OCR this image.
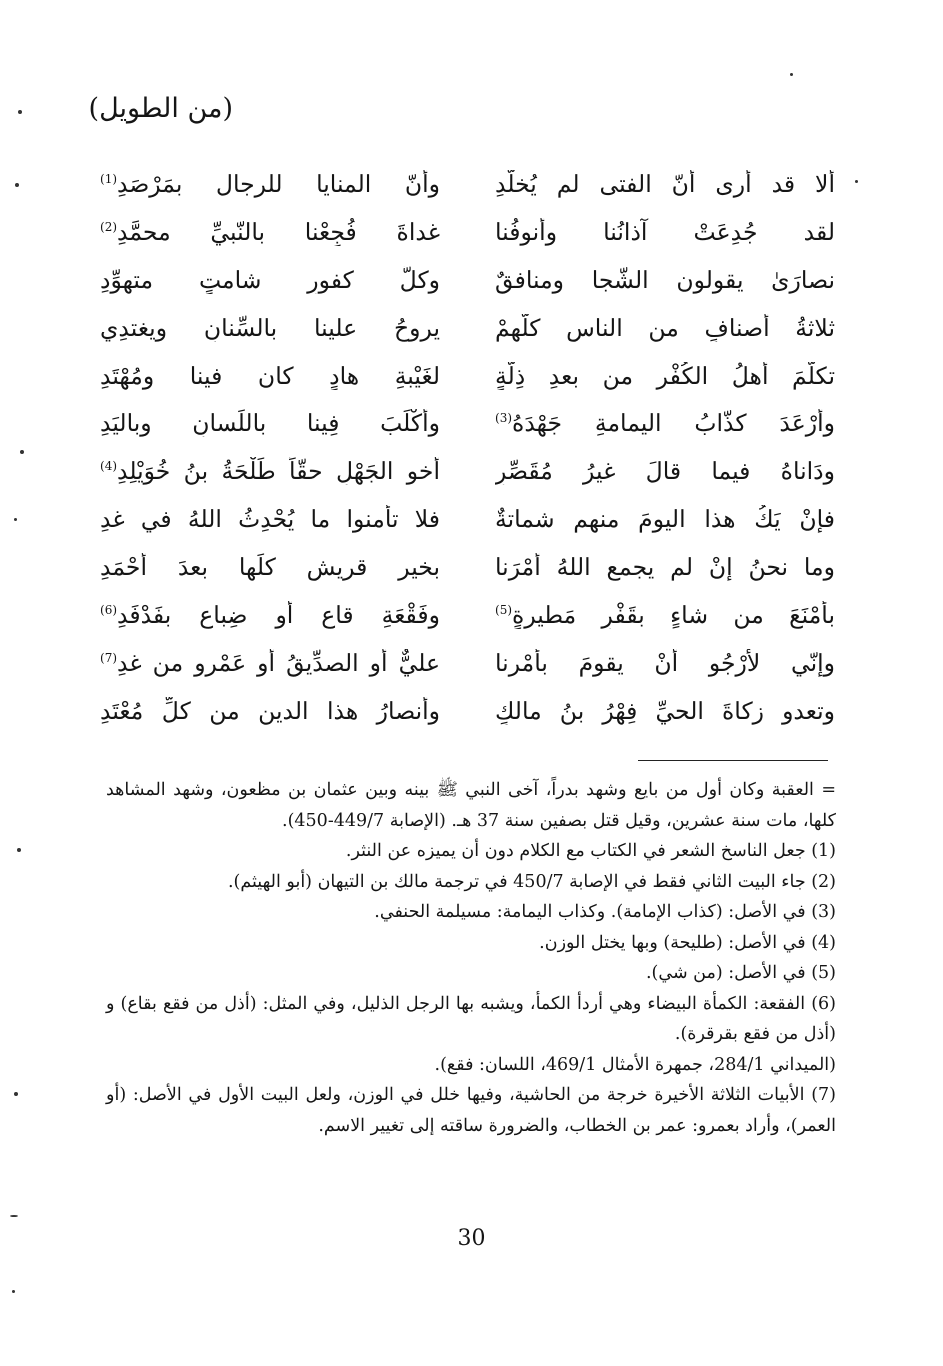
(من الطويل)
ألا قد أرى أنّ الفتى لم يُخلّدِ
وأنّ المنايا للرجال بمَرْصَدِ$^{(1)}$
لقد جُدِعَتْ آذانُنا وأُنوفُنا
غداةَ فُجِعْنا بالنّبيِّ محمَّدِ$^{(2)}$
نصارَىٰ يقولون الشّجا ومنافقٌ
وكلُّ كفورٍ شامتٍ متهوِّدِ
ثلاثةُ أصنافٍ من الناس كلُّهمْ
يروحُ علينا بالسِّنانِ ويغتدِي
تكلّمَ أهلُ الكُفْرِ من بعدِ ذِلَّةٍ
لغَيْبةِ هادٍ كان فينا ومُهْتَدِ
وأرْعَدَ كذّابُ اليمامةِ جَهْدَهُ$^{(3)}$
وأكْلَبَ فِينا باللِّسانِ وباليَدِ
ودَاناهُ فيما قالَ غيرُ مُقَصِّرٍ
أخو الجَهْلِ حقّاً طَلْحَةُ بنُ خُوَيْلِدِ$^{(4)}$
فإنْ يَكُ هذا اليومَ منهم شماتةٌ
فلا تأمنوا ما يُحْدِثُ اللهُ في غدِ
وما نحنُ إنْ لم يجمعِ اللهُ أمْرَنا
بخيرِ قريشٍ كلِّها بعدَ أحْمَدِ
بأمْنَعَ من شاءٍ بقَفْرٍ مَطيرةٍ$^{(5)}$
وفَقْعَةِ قاعٍ أو ضِباعٍ بفَدْفَدِ$^{(6)}$
وإنّي لأرْجُو أنْ يقومَ بأمْرِنا
عليٌّ أو الصدِّيقُ أو عَمْرو من غدِ$^{(7)}$
وتعدو زكاةَ الحيِّ فِهْرُ بنُ مالكٍ
وأنصارُ هذا الدينِ من كلِّ مُعْتَدِ
= العقبة وكان أول من بايع وشهد بدراً، آخى النبي ﷺ بينه وبين عثمان بن مظعون، وشهد المشاهد كلها، مات سنة عشرين، وقيل قتل بصفين سنة 37 هـ. (الإصابة 449/7-450).
(1) جعل الناسخ الشعر في الكتاب مع الكلام دون أن يميزه عن النثر.
(2) جاء البيت الثاني فقط في الإصابة 450/7 في ترجمة مالك بن التيهان (أبو الهيثم).
(3) في الأصل: (كذاب الإمامة). وكذاب اليمامة: مسيلمة الحنفي.
(4) في الأصل: (طليحة) وبها يختل الوزن.
(5) في الأصل: (من شي).
(6) الفقعة: الكمأة البيضاء وهي أردأ الكمأ، ويشبه بها الرجل الذليل، وفي المثل: (أذل من فقع بقاع) و (أذل من فقع بقرقرة).
(الميداني 284/1، جمهرة الأمثال 469/1، اللسان: فقع).
(7) الأبيات الثلاثة الأخيرة خرجة من الحاشية، وفيها خلل في الوزن، ولعل البيت الأول في الأصل: (أو العمر)، وأراد بعمرو: عمر بن الخطاب، والضرورة ساقته إلى تغيير الاسم.
30
